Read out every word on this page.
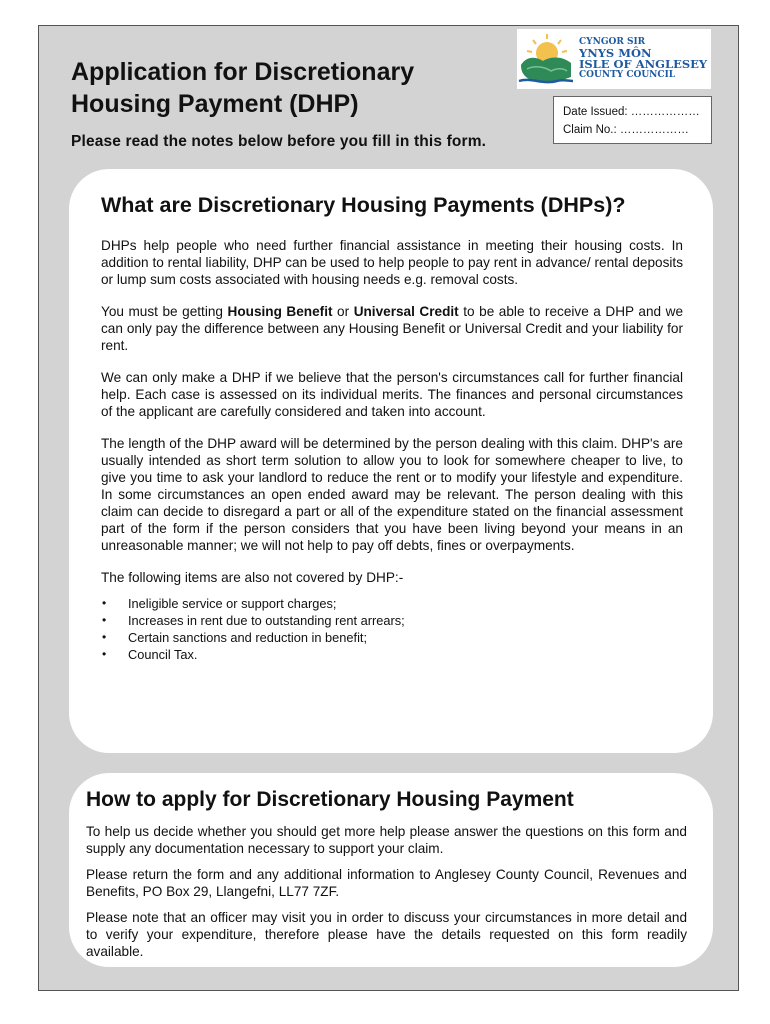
Application for Discretionary
Housing Payment (DHP)
CYNGOR SIR
YNYS MÔN
ISLE OF ANGLESEY
COUNTY COUNCIL
Date Issued: ………………
Claim No.: ………………

Please read the notes below before you fill in this form.

What are Discretionary Housing Payments (DHPs)?

DHPs help people who need further financial assistance in meeting their housing costs. In addition to rental liability, DHP can be used to help people to pay rent in advance/ rental deposits or lump sum costs associated with housing needs e.g. removal costs.

You must be getting Housing Benefit or Universal Credit to be able to receive a DHP and we can only pay the difference between any Housing Benefit or Universal Credit and your liability for rent.

We can only make a DHP if we believe that the person's circumstances call for further financial help. Each case is assessed on its individual merits. The finances and personal circumstances of the applicant are carefully considered and taken into account.

The length of the DHP award will be determined by the person dealing with this claim. DHP's are usually intended as short term solution to allow you to look for somewhere cheaper to live, to give you time to ask your landlord to reduce the rent or to modify your lifestyle and expenditure. In some circumstances an open ended award may be relevant. The person dealing with this claim can decide to disregard a part or all of the expenditure stated on the financial assessment part of the form if the person considers that you have been living beyond your means in an unreasonable manner; we will not help to pay off debts, fines or overpayments.

The following items are also not covered by DHP:-

• Ineligible service or support charges;
• Increases in rent due to outstanding rent arrears;
• Certain sanctions and reduction in benefit;
• Council Tax.
How to apply for Discretionary Housing Payment

To help us decide whether you should get more help please answer the questions on this form and supply any documentation necessary to support your claim.

Please return the form and any additional information to Anglesey County Council, Revenues and Benefits, PO Box 29, Llangefni, LL77 7ZF.

Please note that an officer may visit you in order to discuss your circumstances in more detail and to verify your expenditure, therefore please have the details requested on this form readily available.
